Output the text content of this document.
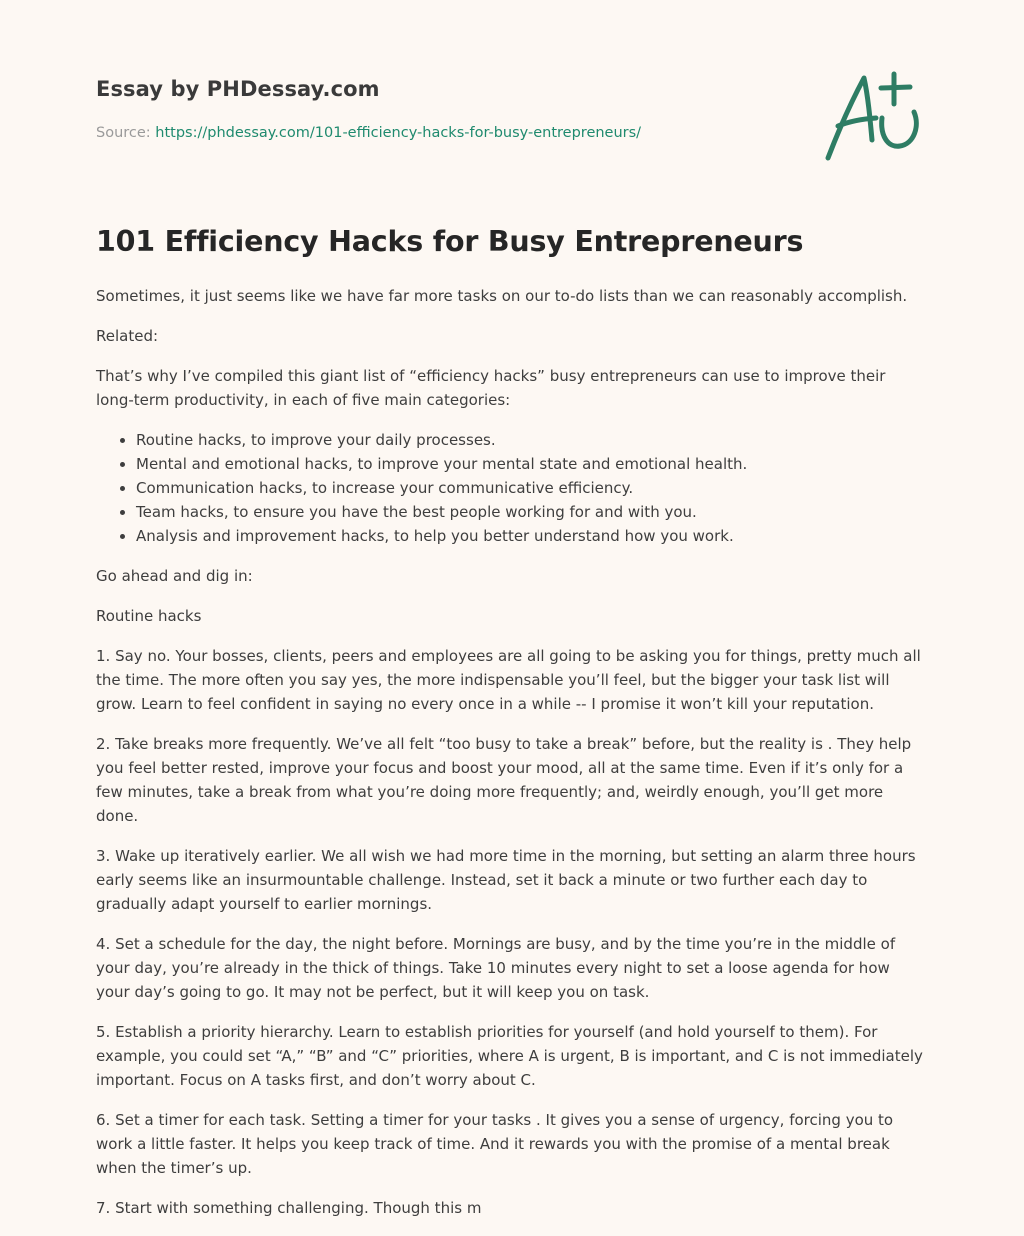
Essay by PHDessay.com
Source: https://phdessay.com/101-efficiency-hacks-for-busy-entrepreneurs/
101 Efficiency Hacks for Busy Entrepreneurs

Sometimes, it just seems like we have far more tasks on our to-do lists than we can reasonably accomplish.

Related:

That’s why I’ve compiled this giant list of “efficiency hacks” busy entrepreneurs can use to improve their long-term productivity, in each of five main categories:

• Routine hacks, to improve your daily processes.
• Mental and emotional hacks, to improve your mental state and emotional health.
• Communication hacks, to increase your communicative efficiency.
• Team hacks, to ensure you have the best people working for and with you.
• Analysis and improvement hacks, to help you better understand how you work.

Go ahead and dig in:

Routine hacks

1. Say no. Your bosses, clients, peers and employees are all going to be asking you for things, pretty much all the time. The more often you say yes, the more indispensable you’ll feel, but the bigger your task list will grow. Learn to feel confident in saying no every once in a while -- I promise it won’t kill your reputation.

2. Take breaks more frequently. We’ve all felt “too busy to take a break” before, but the reality is . They help you feel better rested, improve your focus and boost your mood, all at the same time. Even if it’s only for a few minutes, take a break from what you’re doing more frequently; and, weirdly enough, you’ll get more done.

3. Wake up iteratively earlier. We all wish we had more time in the morning, but setting an alarm three hours early seems like an insurmountable challenge. Instead, set it back a minute or two further each day to gradually adapt yourself to earlier mornings.

4. Set a schedule for the day, the night before. Mornings are busy, and by the time you’re in the middle of your day, you’re already in the thick of things. Take 10 minutes every night to set a loose agenda for how your day’s going to go. It may not be perfect, but it will keep you on task.

5. Establish a priority hierarchy. Learn to establish priorities for yourself (and hold yourself to them). For example, you could set “A,” “B” and “C” priorities, where A is urgent, B is important, and C is not immediately important. Focus on A tasks first, and don’t worry about C.

6. Set a timer for each task. Setting a timer for your tasks . It gives you a sense of urgency, forcing you to work a little faster. It helps you keep track of time. And it rewards you with the promise of a mental break when the timer’s up.

7. Start with something challenging. Though this m
